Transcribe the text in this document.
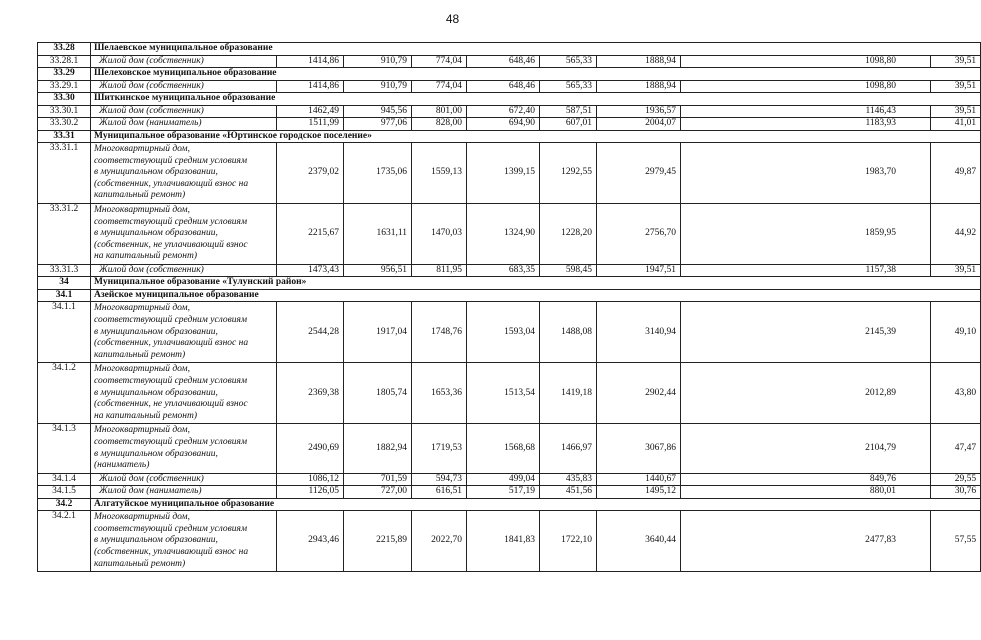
48
33.28	Шелаевское муниципальное образование								
33.28.1	Жилой дом (собственник)	1414,86	910,79	774,04	648,46	565,33	1888,94	1098,80	39,51
33.29	Шелеховское муниципальное образование								
33.29.1	Жилой дом (собственник)	1414,86	910,79	774,04	648,46	565,33	1888,94	1098,80	39,51
33.30	Шиткинское муниципальное образование								
33.30.1	Жилой дом (собственник)	1462,49	945,56	801,00	672,40	587,51	1936,57	1146,43	39,51
33.30.2	Жилой дом (наниматель)	1511,99	977,06	828,00	694,90	607,01	2004,07	1183,93	41,01
33.31	Муниципальное образование «Юртинское городское поселение»								
33.31.1	Многоквартирный дом,
соответствующий средним условиям
в муниципальном образовании,
(собственник, уплачивающий взнос на
капитальный ремонт)	2379,02	1735,06	1559,13	1399,15	1292,55	2979,45	1983,70	49,87
33.31.2	Многоквартирный дом,
соответствующий средним условиям
в муниципальном образовании,
(собственник, не уплачивающий взнос
на капитальный ремонт)	2215,67	1631,11	1470,03	1324,90	1228,20	2756,70	1859,95	44,92
33.31.3	Жилой дом (собственник)	1473,43	956,51	811,95	683,35	598,45	1947,51	1157,38	39,51
34	Муниципальное образование «Тулунский район»								
34.1	Азейское муниципальное образование								
34.1.1	Многоквартирный дом,
соответствующий средним условиям
в муниципальном образовании,
(собственник, уплачивающий взнос на
капитальный ремонт)	2544,28	1917,04	1748,76	1593,04	1488,08	3140,94	2145,39	49,10
34.1.2	Многоквартирный дом,
соответствующий средним условиям
в муниципальном образовании,
(собственник, не уплачивающий взнос
на капитальный ремонт)	2369,38	1805,74	1653,36	1513,54	1419,18	2902,44	2012,89	43,80
34.1.3	Многоквартирный дом,
соответствующий средним условиям
в муниципальном образовании,
(наниматель)	2490,69	1882,94	1719,53	1568,68	1466,97	3067,86	2104,79	47,47
34.1.4	Жилой дом (собственник)	1086,12	701,59	594,73	499,04	435,83	1440,67	849,76	29,55
34.1.5	Жилой дом (наниматель)	1126,05	727,00	616,51	517,19	451,56	1495,12	880,01	30,76
34.2	Алгатуйское муниципальное образование								
34.2.1	Многоквартирный дом,
соответствующий средним условиям
в муниципальном образовании,
(собственник, уплачивающий взнос на
капитальный ремонт)	2943,46	2215,89	2022,70	1841,83	1722,10	3640,44	2477,83	57,55
